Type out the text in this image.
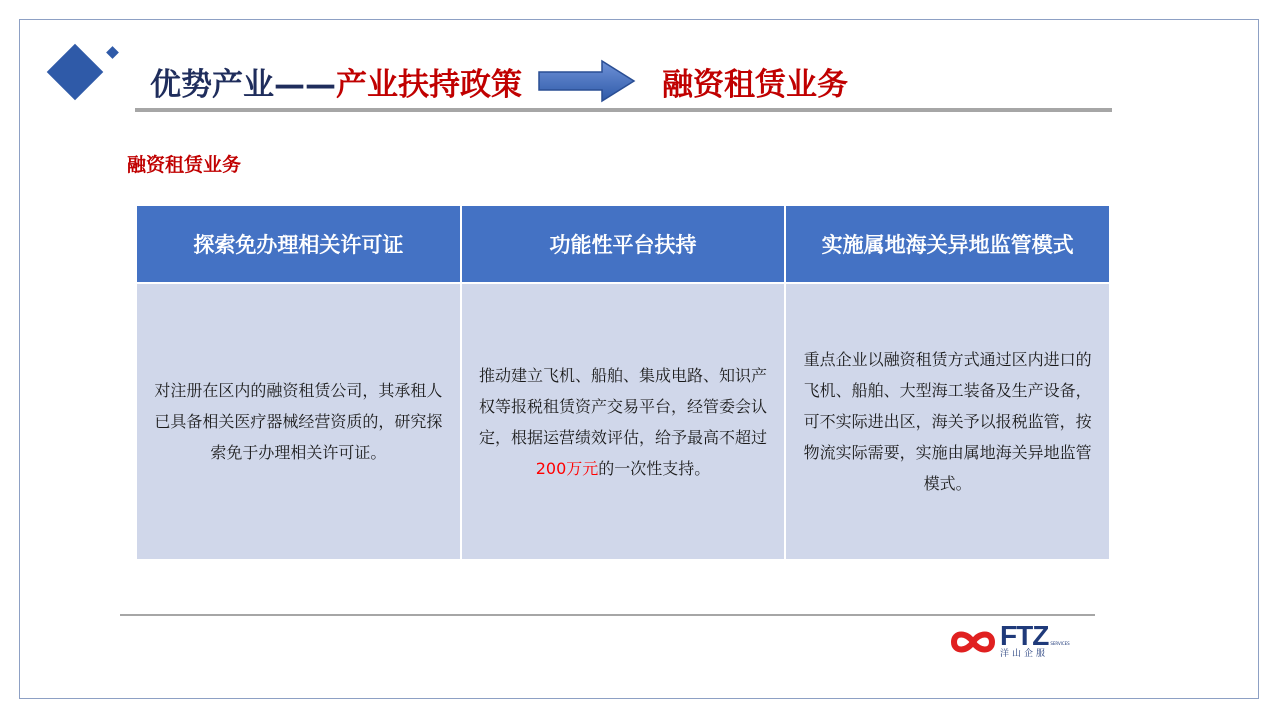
优势产业—— 产业扶持政策	融资租赁业务
融资租赁业务
探索免办理相关许可证	功能性平台扶持	实施属地海关异地监管模式
对注册在区内的融资租赁公司，其承租人已具备相关医疗器械经营资质的，研究探索免于办理相关许可证。	推动建立飞机、船舶、集成电路、知识产权等报税租赁资产交易平台，经管委会认定，根据运营绩效评估，给予最高不超过200万元的一次性支持。	重点企业以融资租赁方式通过区内进口的飞机、船舶、大型海工装备及生产设备，可不实际进出区，海关予以报税监管，按物流实际需要，实施由属地海关异地监管模式。
FTZ SERVICES
洋山企服
